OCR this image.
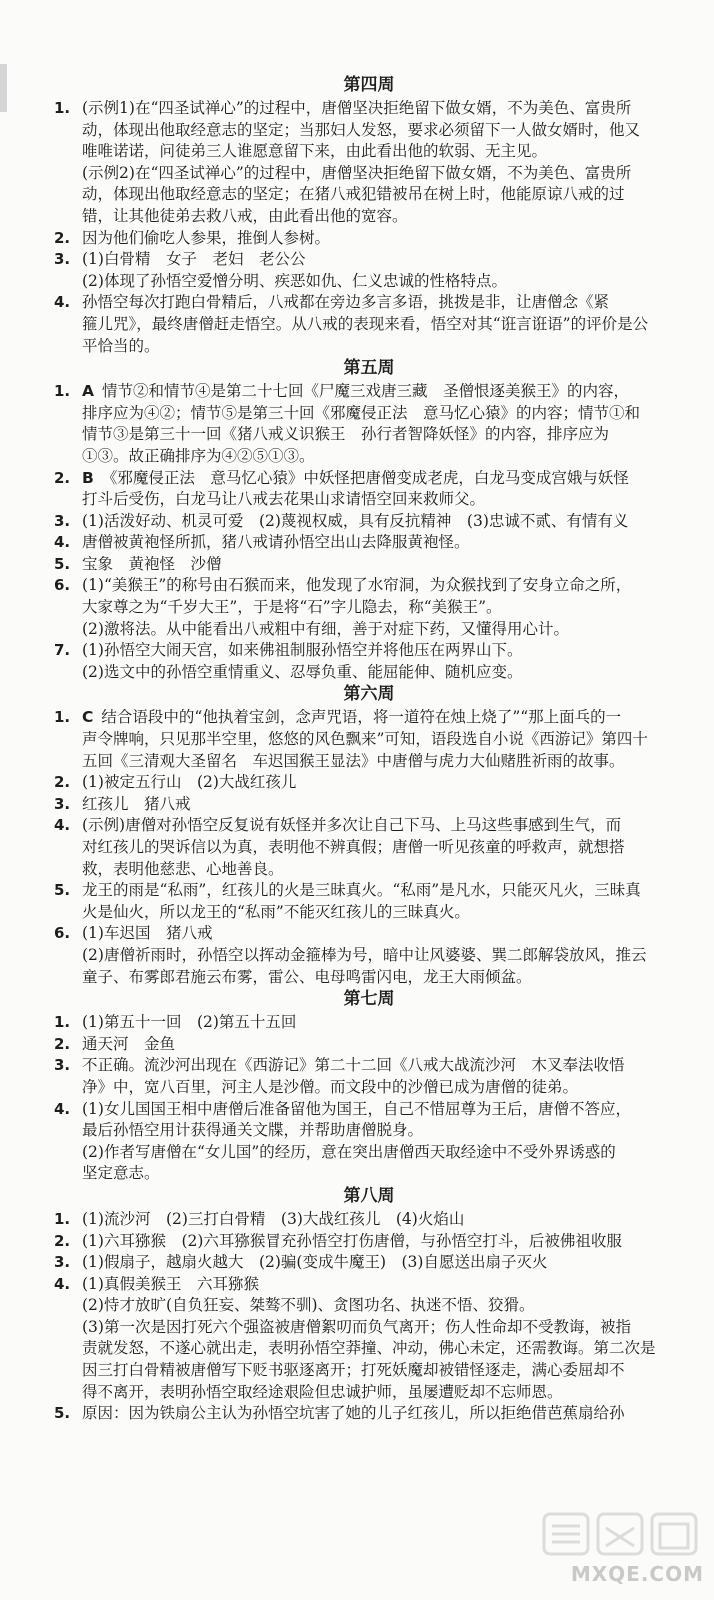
第四周
1. (示例1)在“四圣试禅心”的过程中，唐僧坚决拒绝留下做女婿，不为美色、富贵所
动，体现出他取经意志的坚定；当那妇人发怒，要求必须留下一人做女婿时，他又
唯唯诺诺，问徒弟三人谁愿意留下来，由此看出他的软弱、无主见。
(示例2)在“四圣试禅心”的过程中，唐僧坚决拒绝留下做女婿，不为美色、富贵所
动，体现出他取经意志的坚定；在猪八戒犯错被吊在树上时，他能原谅八戒的过
错，让其他徒弟去救八戒，由此看出他的宽容。
2. 因为他们偷吃人参果，推倒人参树。
3. (1)白骨精　女子　老妇　老公公
(2)体现了孙悟空爱憎分明、疾恶如仇、仁义忠诚的性格特点。
4. 孙悟空每次打跑白骨精后，八戒都在旁边多言多语，挑拨是非，让唐僧念《紧
箍儿咒》，最终唐僧赶走悟空。从八戒的表现来看，悟空对其“诳言诳语”的评价是公
平恰当的。
第五周
1. A 情节②和情节④是第二十七回《尸魔三戏唐三藏　圣僧恨逐美猴王》的内容，
排序应为④②；情节⑤是第三十回《邪魔侵正法　意马忆心猿》的内容；情节①和
情节③是第三十一回《猪八戒义识猴王　孙行者智降妖怪》的内容，排序应为
①③。故正确排序为④②⑤①③。
2. B 《邪魔侵正法　意马忆心猿》中妖怪把唐僧变成老虎，白龙马变成宫娥与妖怪
打斗后受伤，白龙马让八戒去花果山求请悟空回来救师父。
3. (1)活泼好动、机灵可爱　(2)蔑视权威，具有反抗精神　(3)忠诚不贰、有情有义
4. 唐僧被黄袍怪所抓，猪八戒请孙悟空出山去降服黄袍怪。
5. 宝象　黄袍怪　沙僧
6. (1)“美猴王”的称号由石猴而来，他发现了水帘洞，为众猴找到了安身立命之所，
大家尊之为“千岁大王”，于是将“石”字儿隐去，称“美猴王”。
(2)激将法。从中能看出八戒粗中有细，善于对症下药，又懂得用心计。
7. (1)孙悟空大闹天宫，如来佛祖制服孙悟空并将他压在两界山下。
(2)选文中的孙悟空重情重义、忍辱负重、能屈能伸、随机应变。
第六周
1. C 结合语段中的“他执着宝剑，念声咒语，将一道符在烛上烧了”“那上面乓的一
声令牌响，只见那半空里，悠悠的风色飘来”可知，语段选自小说《西游记》第四十
五回《三清观大圣留名　车迟国猴王显法》中唐僧与虎力大仙赌胜祈雨的故事。
2. (1)被定五行山　(2)大战红孩儿
3. 红孩儿　猪八戒
4. (示例)唐僧对孙悟空反复说有妖怪并多次让自己下马、上马这些事感到生气，而
对红孩儿的哭诉信以为真，表明他不辨真假；唐僧一听见孩童的呼救声，就想搭
救，表明他慈悲、心地善良。
5. 龙王的雨是“私雨”，红孩儿的火是三昧真火。“私雨”是凡水，只能灭凡火，三昧真
火是仙火，所以龙王的“私雨”不能灭红孩儿的三昧真火。
6. (1)车迟国　猪八戒
(2)唐僧祈雨时，孙悟空以挥动金箍棒为号，暗中让风婆婆、巽二郎解袋放风，推云
童子、布雾郎君施云布雾，雷公、电母鸣雷闪电，龙王大雨倾盆。
第七周
1. (1)第五十一回　(2)第五十五回
2. 通天河　金鱼
3. 不正确。流沙河出现在《西游记》第二十二回《八戒大战流沙河　木叉奉法收悟
净》中，宽八百里，河主人是沙僧。而文段中的沙僧已成为唐僧的徒弟。
4. (1)女儿国国王相中唐僧后准备留他为国王，自己不惜屈尊为王后，唐僧不答应，
最后孙悟空用计获得通关文牒，并帮助唐僧脱身。
(2)作者写唐僧在“女儿国”的经历，意在突出唐僧西天取经途中不受外界诱惑的
坚定意志。
第八周
1. (1)流沙河　(2)三打白骨精　(3)大战红孩儿　(4)火焰山
2. (1)六耳猕猴　(2)六耳猕猴冒充孙悟空打伤唐僧，与孙悟空打斗，后被佛祖收服
3. (1)假扇子，越扇火越大　(2)骗(变成牛魔王)　(3)自愿送出扇子灭火
4. (1)真假美猴王　六耳猕猴
(2)恃才放旷(自负狂妄、桀骜不驯)、贪图功名、执迷不悟、狡猾。
(3)第一次是因打死六个强盗被唐僧絮叨而负气离开；伤人性命却不受教诲，被指
责就发怒，不遂心就出走，表明孙悟空莽撞、冲动，佛心未定，还需教诲。第二次是
因三打白骨精被唐僧写下贬书驱逐离开；打死妖魔却被错怪逐走，满心委屈却不
得不离开，表明孙悟空取经途艰险但忠诚护师，虽屡遭贬却不忘师恩。
5. 原因：因为铁扇公主认为孙悟空坑害了她的儿子红孩儿，所以拒绝借芭蕉扇给孙
MXQE.COM
